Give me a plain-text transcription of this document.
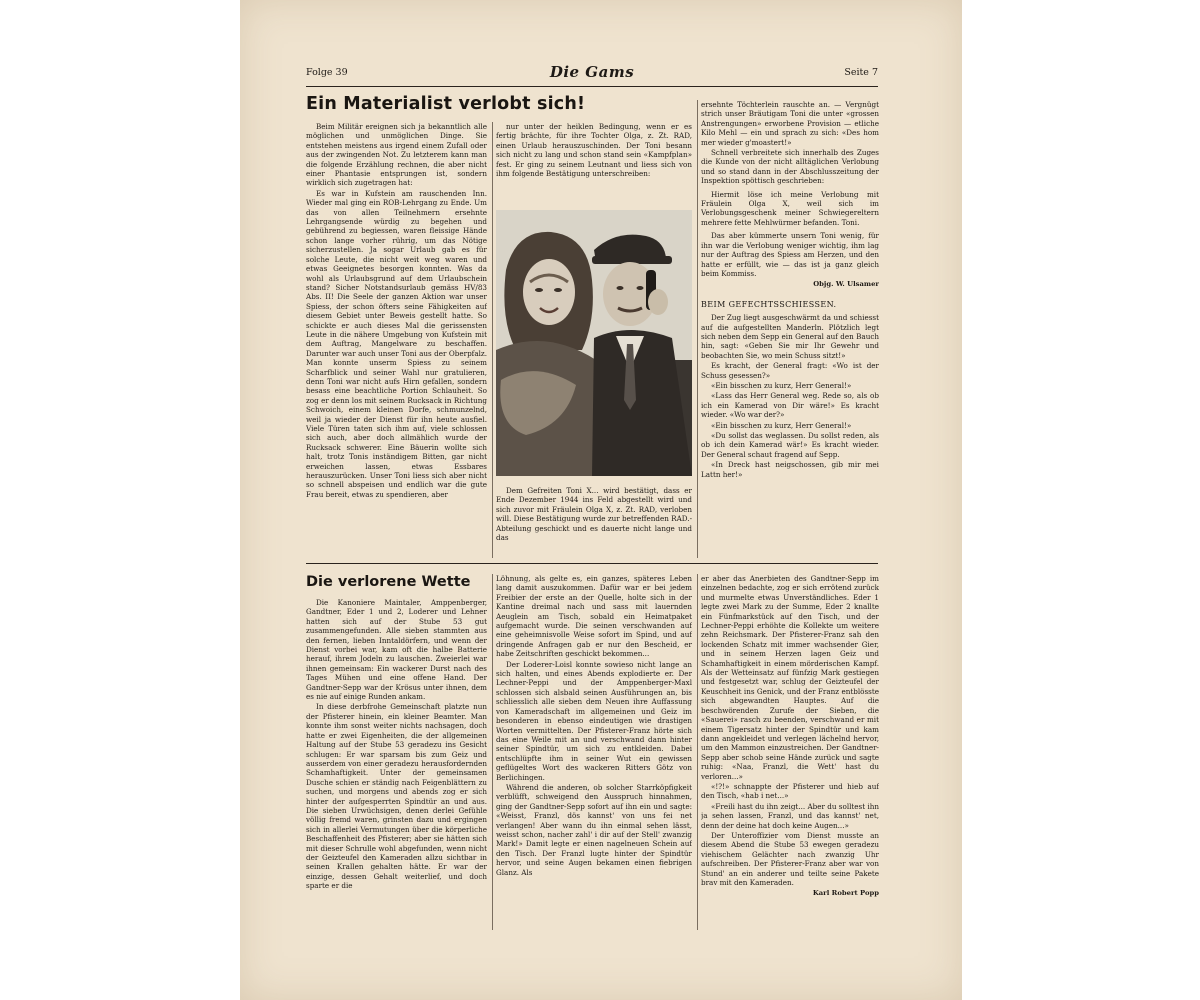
Folge 39	Die Gams	Seite 7
Ein Materialist verlobt sich!

Beim Militär ereignen sich ja bekanntlich alle möglichen und unmöglichen Dinge. Sie entstehen meistens aus irgend einem Zufall oder aus der zwingenden Not. Zu letzterem kann man die folgende Erzählung rechnen, die aber nicht einer Phantasie entsprungen ist, sondern wirklich sich zugetragen hat:

Es war in Kufstein am rauschenden Inn. Wieder mal ging ein ROB-Lehrgang zu Ende. Um das von allen Teilnehmern ersehnte Lehrgangsende würdig zu begehen und gebührend zu begiessen, waren fleissige Hände schon lange vorher rührig, um das Nötige sicherzustellen. Ja sogar Urlaub gab es für solche Leute, die nicht weit weg waren und etwas Geeignetes besorgen konnten. Was da wohl als Urlaubsgrund auf dem Urlaubschein stand? Sicher Notstandsurlaub gemäss HV/83 Abs. II! Die Seele der ganzen Aktion war unser Spiess, der schon öfters seine Fähigkeiten auf diesem Gebiet unter Beweis gestellt hatte. So schickte er auch dieses Mal die gerissensten Leute in die nähere Umgebung von Kufstein mit dem Auftrag, Mangelware zu beschaffen. Darunter war auch unser Toni aus der Oberpfalz. Man konnte unserm Spiess zu seinem Scharfblick und seiner Wahl nur gratulieren, denn Toni war nicht aufs Hirn gefallen, sondern besass eine beachtliche Portion Schlauheit. So zog er denn los mit seinem Rucksack in Richtung Schwoich, einem kleinen Dorfe, schmunzelnd, weil ja wieder der Dienst für ihn heute ausfiel. Viele Türen taten sich ihm auf, viele schlossen sich auch, aber doch allmählich wurde der Rucksack schwerer. Eine Bäuerin wollte sich halt, trotz Tonis inständigem Bitten, gar nicht erweichen lassen, etwas Essbares herauszurücken. Unser Toni liess sich aber nicht so schnell abspeisen und endlich war die gute Frau bereit, etwas zu spendieren, aber

nur unter der heiklen Bedingung, wenn er es fertig brächte, für ihre Tochter Olga, z. Zt. RAD, einen Urlaub herauszuschinden. Der Toni besann sich nicht zu lang und schon stand sein «Kampfplan» fest. Er ging zu seinem Leutnant und liess sich von ihm folgende Bestätigung unterschreiben:

Dem Gefreiten Toni X... wird bestätigt, dass er Ende Dezember 1944 ins Feld abgestellt wird und sich zuvor mit Fräulein Olga X, z. Zt. RAD, verloben will. Diese Bestätigung wurde zur betreffenden RAD.-Abteilung geschickt und es dauerte nicht lange und das

ersehnte Töchterlein rauschte an. — Vergnügt strich unser Bräutigam Toni die unter «grossen Anstrengungen» erworbene Provision — etliche Kilo Mehl — ein und sprach zu sich: «Des hom mer wieder g'moastert!»

Schnell verbreitete sich innerhalb des Zuges die Kunde von der nicht alltäglichen Verlobung und so stand dann in der Abschlusszeitung der Inspektion spöttisch geschrieben:

Hiermit löse ich meine Verlobung mit Fräulein Olga X, weil sich im Verlobungsgeschenk meiner Schwiegereltern mehrere fette Mehlwürmer befanden. Toni.

Das aber kümmerte unsern Toni wenig, für ihn war die Verlobung weniger wichtig, ihm lag nur der Auftrag des Spiess am Herzen, und den hatte er erfüllt, wie — das ist ja ganz gleich beim Kommiss.

Objg. W. Ulsamer

BEIM GEFECHTSSCHIESSEN.

Der Zug liegt ausgeschwärmt da und schiesst auf die aufgestellten Manderln. Plötzlich legt sich neben dem Sepp ein General auf den Bauch hin, sagt: «Geben Sie mir Ihr Gewehr und beobachten Sie, wo mein Schuss sitzt!»

Es kracht, der General fragt: «Wo ist der Schuss gesessen?»

«Ein bisschen zu kurz, Herr General!»

«Lass das Herr General weg. Rede so, als ob ich ein Kamerad von Dir wäre!» Es kracht wieder. «Wo war der?»

«Ein bisschen zu kurz, Herr General!»

«Du sollst das weglassen. Du sollst reden, als ob ich dein Kamerad wär!» Es kracht wieder. Der General schaut fragend auf Sepp.

«In Dreck hast neigschossen, gib mir mei Lattn her!»

Die verlorene Wette

Die Kanoniere Maintaler, Amppenberger, Gandtner, Eder 1 und 2, Loderer und Lehner hatten sich auf der Stube 53 gut zusammengefunden. Alle sieben stammten aus den fernen, lieben Inntaldörfern, und wenn der Dienst vorbei war, kam oft die halbe Batterie herauf, ihrem Jodeln zu lauschen. Zweierlei war ihnen gemeinsam: Ein wackerer Durst nach des Tages Mühen und eine offene Hand. Der Gandtner-Sepp war der Krösus unter ihnen, dem es nie auf einige Runden ankam.

In diese derbfrohe Gemeinschaft platzte nun der Pfisterer hinein, ein kleiner Beamter. Man konnte ihm sonst weiter nichts nachsagen, doch hatte er zwei Eigenheiten, die der allgemeinen Haltung auf der Stube 53 geradezu ins Gesicht schlugen: Er war sparsam bis zum Geiz und ausserdem von einer geradezu herausfordernden Schamhaftigkeit. Unter der gemeinsamen Dusche schien er ständig nach Feigenblättern zu suchen, und morgens und abends zog er sich hinter der aufgesperrten Spindtür an und aus. Die sieben Urwüchsigen, denen derlei Gefühle völlig fremd waren, grinsten dazu und ergingen sich in allerlei Vermutungen über die körperliche Beschaffenheit des Pfisterer; aber sie hätten sich mit dieser Schrulle wohl abgefunden, wenn nicht der Geizteufel den Kameraden allzu sichtbar in seinen Krallen gehalten hätte. Er war der einzige, dessen Gehalt weiterlief, und doch sparte er die

Löhnung, als gelte es, ein ganzes, späteres Leben lang damit auszukommen. Dafür war er bei jedem Freibier der erste an der Quelle, holte sich in der Kantine dreimal nach und sass mit lauernden Aeuglein am Tisch, sobald ein Heimatpaket aufgemacht wurde. Die seinen verschwanden auf eine geheimnisvolle Weise sofort im Spind, und auf dringende Anfragen gab er nur den Bescheid, er habe Zeitschriften geschickt bekommen...

Der Loderer-Loisl konnte sowieso nicht lange an sich halten, und eines Abends explodierte er. Der Lechner-Peppi und der Amppenberger-Maxl schlossen sich alsbald seinen Ausführungen an, bis schliesslich alle sieben dem Neuen ihre Auffassung von Kameradschaft im allgemeinen und Geiz im besonderen in ebenso eindeutigen wie drastigen Worten vermittelten. Der Pfisterer-Franz hörte sich das eine Weile mit an und verschwand dann hinter seiner Spindtür, um sich zu entkleiden. Dabei entschlüpfte ihm in seiner Wut ein gewissen geflügeltes Wort des wackeren Ritters Götz von Berlichingen.

Während die anderen, ob solcher Starrköpfigkeit verblüfft, schweigend den Ausspruch hinnahmen, ging der Gandtner-Sepp sofort auf ihn ein und sagte: «Weisst, Franzl, dös kannst' von uns fei net verlangen! Aber wann du ihn einmal sehen lässt, weisst schon, nacher zahl' i dir auf der Stell' zwanzig Mark!» Damit legte er einen nagelneuen Schein auf den Tisch. Der Franzl lugte hinter der Spindtür hervor, und seine Augen bekamen einen fiebrigen Glanz. Als

er aber das Anerbieten des Gandtner-Sepp im einzelnen bedachte, zog er sich errötend zurück und murmelte etwas Unverständliches. Eder 1 legte zwei Mark zu der Summe, Eder 2 knallte ein Fünfmarkstück auf den Tisch, und der Lechner-Peppi erhöhte die Kollekte um weitere zehn Reichsmark. Der Pfisterer-Franz sah den lockenden Schatz mit immer wachsender Gier, und in seinem Herzen lagen Geiz und Schamhaftigkeit in einem mörderischen Kampf. Als der Wetteinsatz auf fünfzig Mark gestiegen und festgesetzt war, schlug der Geizteufel der Keuschheit ins Genick, und der Franz entblösste sich abgewandten Hauptes. Auf die beschwörenden Zurufe der Sieben, die «Sauerei» rasch zu beenden, verschwand er mit einem Tigersatz hinter der Spindtür und kam dann angekleidet und verlegen lächelnd hervor, um den Mammon einzustreichen. Der Gandtner-Sepp aber schob seine Hände zurück und sagte ruhig: «Naa, Franzl, die Wett' hast du verloren...»

«!?!» schnappte der Pfisterer und hieb auf den Tisch, «hab i net...»

«Freili hast du ihn zeigt... Aber du solltest ihn ja sehen lassen, Franzl, und das kannst' net, denn der deine hat doch keine Augen...»

Der Unteroffizier vom Dienst musste an diesem Abend die Stube 53 ewegen geradezu viehischem Gelächter nach zwanzig Uhr aufschreiben. Der Pfisterer-Franz aber war von Stund' an ein anderer und teilte seine Pakete brav mit den Kameraden.

Karl Robert Popp
